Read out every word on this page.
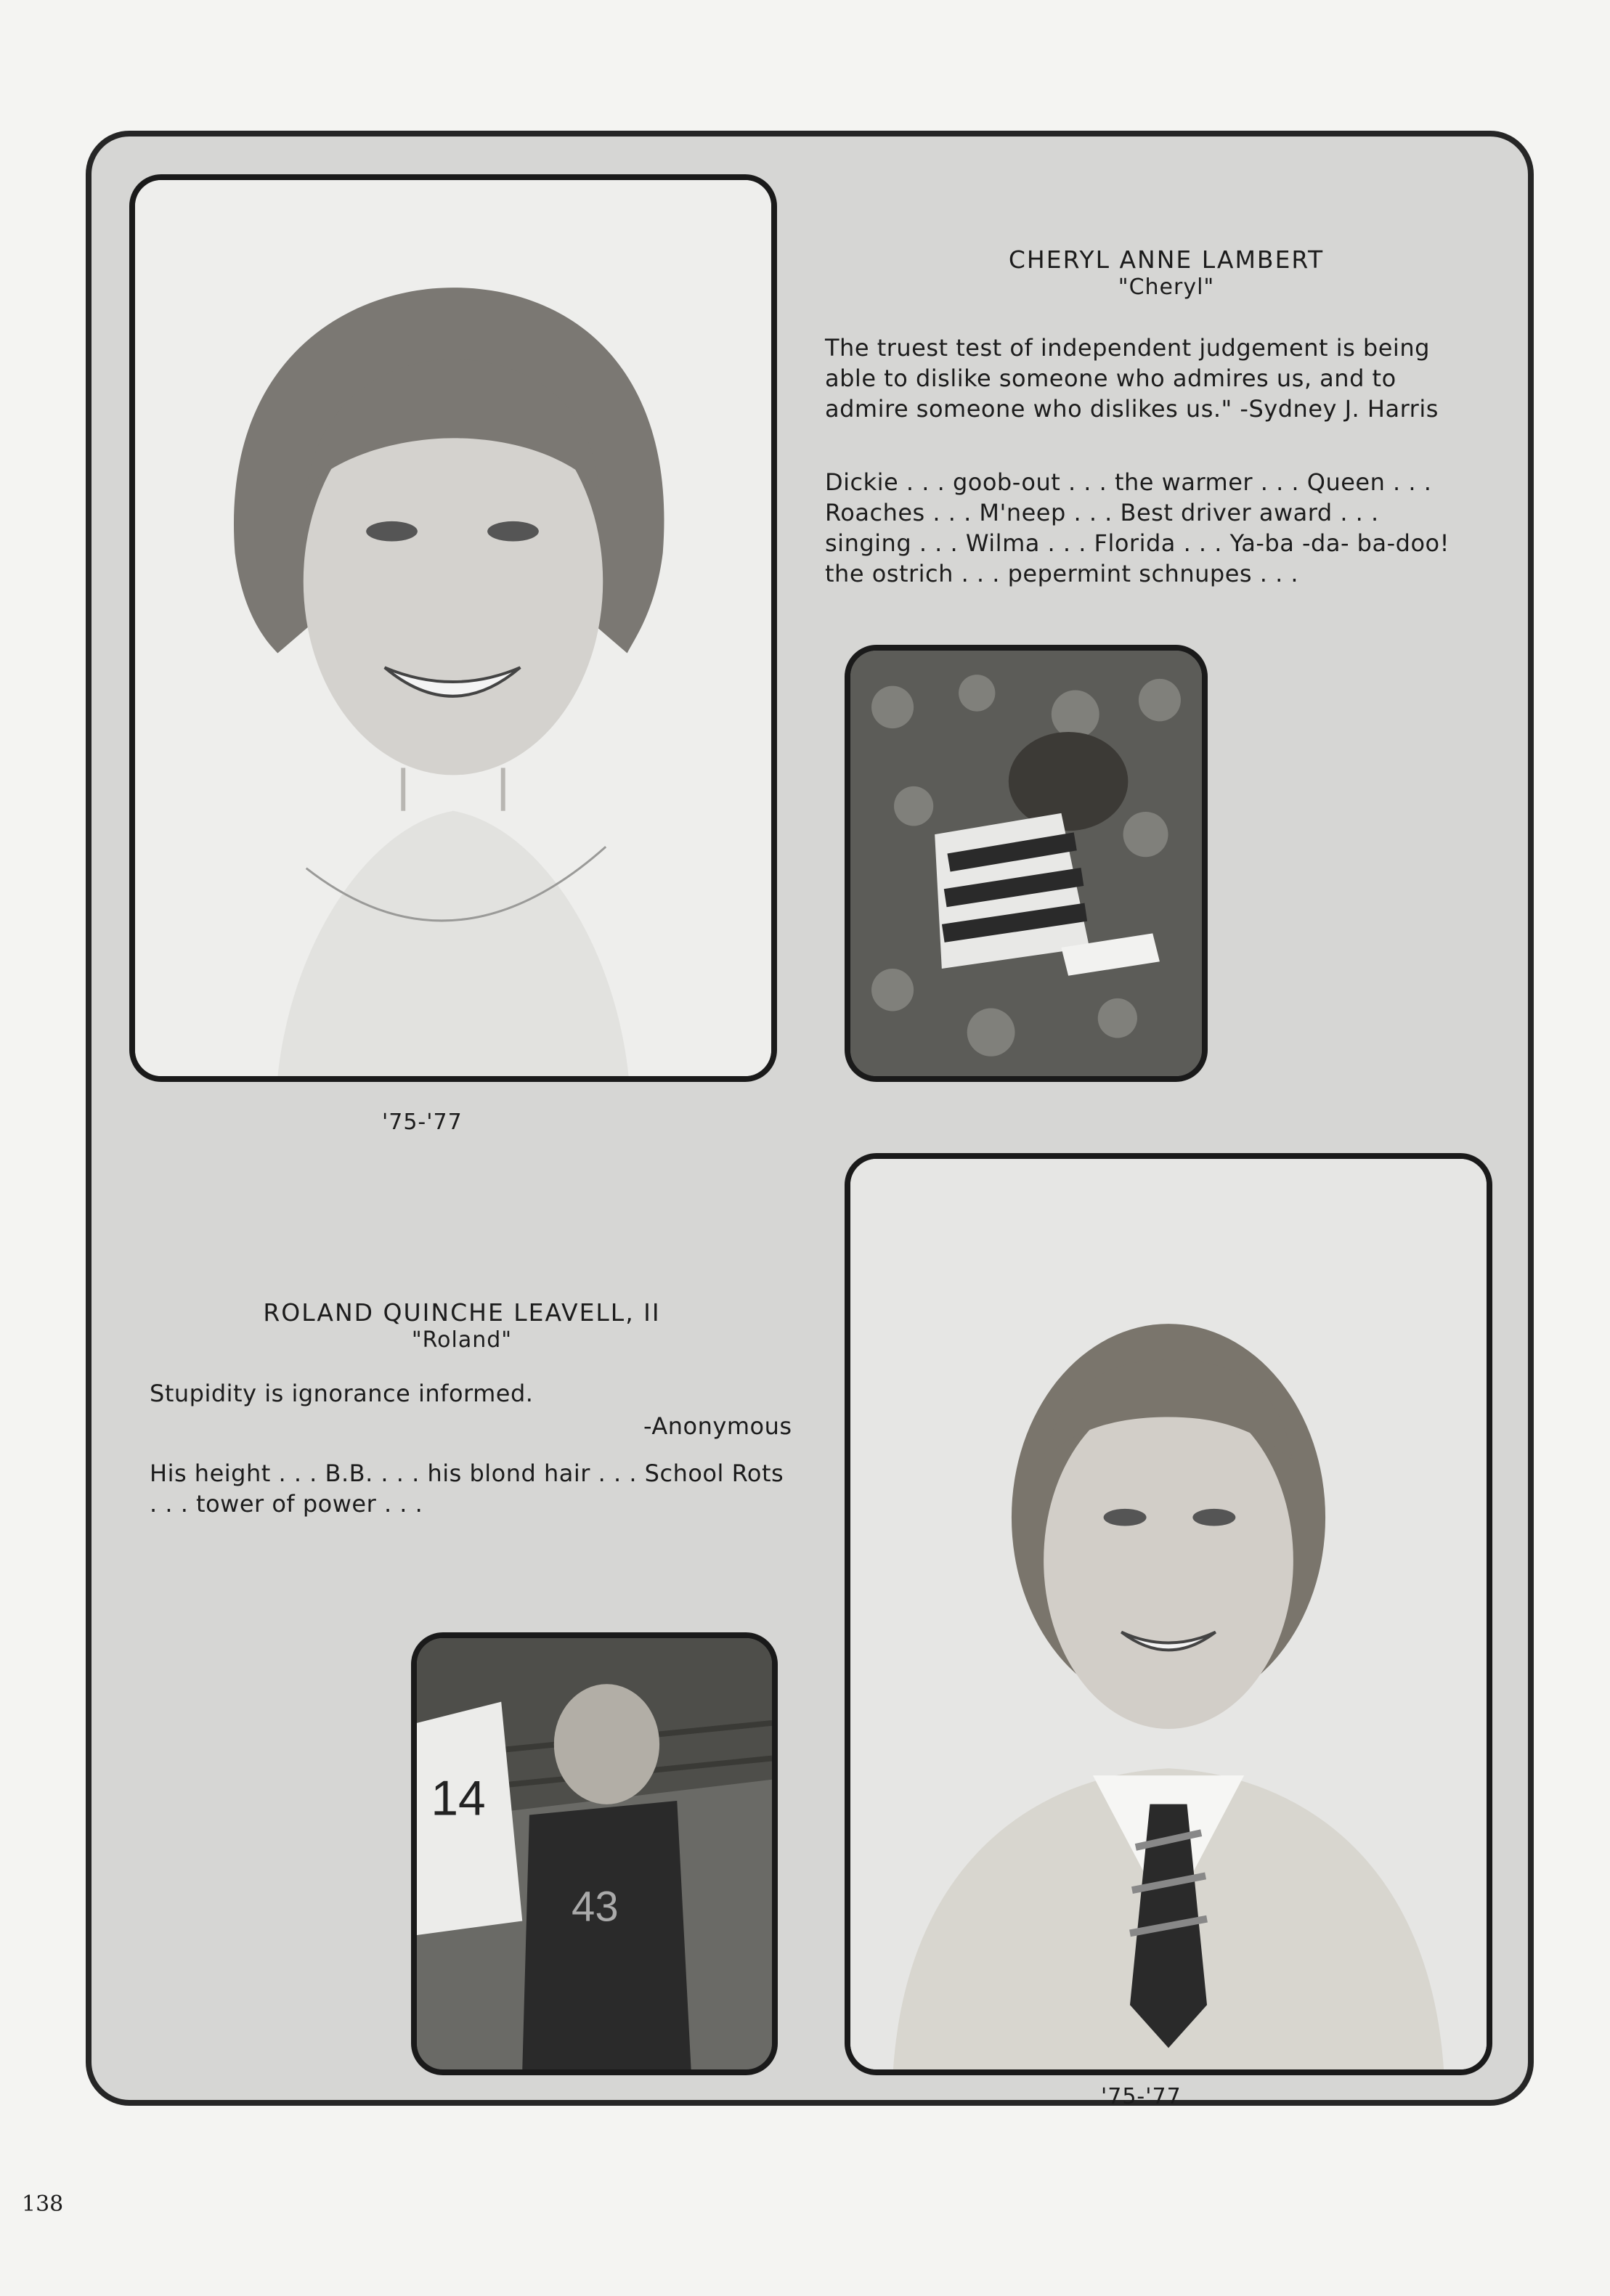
CHERYL ANNE LAMBERT
"Cheryl"
The truest test of independent judgement is being able to dislike someone who admires us, and to admire someone who dislikes us." -Sydney J. Harris
Dickie . . . goob-out . . . the warmer . . . Queen . . . Roaches . . . M'neep . . . Best driver award . . . singing . . . Wilma . . . Florida . . . Ya-ba -da- ba-doo! the ostrich . . . pepermint schnupes . . .
'75-'77
ROLAND QUINCHE LEAVELL, II
"Roland"
Stupidity is ignorance informed.
-Anonymous
His height . . . B.B. . . . his blond hair . . . School Rots . . . tower of power . . .
14
43
'75-'77
138
